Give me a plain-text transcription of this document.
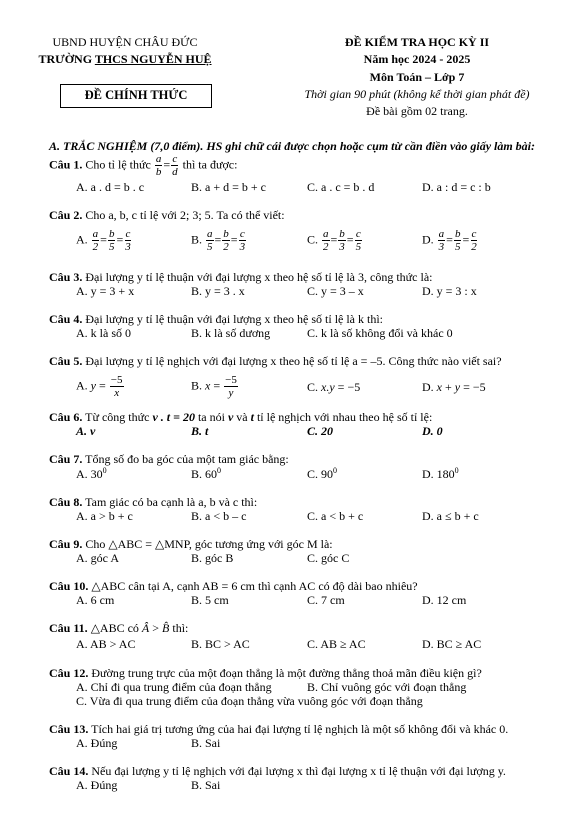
UBND HUYỆN CHÂU ĐỨC
TRƯỜNG THCS NGUYỄN HUỆ
ĐỀ CHÍNH THỨC
ĐỀ KIỂM TRA HỌC KỲ II
Năm học 2024 - 2025
Môn Toán – Lớp 7
Thời gian 90 phút (không kể thời gian phát đề)
Đề bài gồm 02 trang.
A. TRẮC NGHIỆM (7,0 điểm). HS ghi chữ cái được chọn hoặc cụm từ cần điền vào giấy làm bài:
Câu 1. Cho tỉ lệ thức $\frac{a}{b} = \frac{c}{d}$ thì ta được:
A. a . d = b . c	B. a + d = b + c	C. a . c = b . d	D. a : d = c : b
Câu 2. Cho a, b, c tỉ lệ với 2; 3; 5. Ta có thể viết:
A. $\frac{a}{2} = \frac{b}{5} = \frac{c}{3}$	B. $\frac{a}{5} = \frac{b}{2} = \frac{c}{3}$	C. $\frac{a}{2} = \frac{b}{3} = \frac{c}{5}$	D. $\frac{a}{3} = \frac{b}{5} = \frac{c}{2}$
Câu 3. Đại lượng y tỉ lệ thuận với đại lượng x theo hệ số tỉ lệ là 3, công thức là:
A. y = 3 + x	B. y = 3 . x	C. y = 3 – x	D. y = 3 : x
Câu 4. Đại lượng y tỉ lệ thuận với đại lượng x theo hệ số tỉ lệ là k thì:
A. k là số 0	B. k là số dương	C. k là số không đổi và khác 0
Câu 5. Đại lượng y tỉ lệ nghịch với đại lượng x theo hệ số tỉ lệ a = –5. Công thức nào viết sai?
A. $y = \frac{-5}{x}$	B. $x = \frac{-5}{y}$	C. x.y = −5	D. x + y = −5
Câu 6. Từ công thức v . t = 20 ta nói v và t tỉ lệ nghịch với nhau theo hệ số tỉ lệ:
A. v	B. t	C. 20	D. 0
Câu 7. Tổng số đo ba góc của một tam giác bằng:
A. $30^0$	B. $60^0$	C. $90^0$	D. $180^0$
Câu 8. Tam giác có ba cạnh là a, b và c thì:
A. a > b + c	B. a < b – c	C. a < b + c	D. a ≤ b + c
Câu 9. Cho △ABC = △MNP, góc tương ứng với góc M là:
A. góc A	B. góc B	C. góc C
Câu 10. △ABC cân tại A, cạnh AB = 6 cm thì cạnh AC có độ dài bao nhiêu?
A. 6 cm	B. 5 cm	C. 7 cm	D. 12 cm
Câu 11. △ABC có Â > B̂ thì:
A. AB > AC	B. BC > AC	C. AB ≥ AC	D. BC ≥ AC
Câu 12. Đường trung trực của một đoạn thẳng là một đường thẳng thoả mãn điều kiện gì?
A. Chỉ đi qua trung điểm của đoạn thẳng	B. Chỉ vuông góc với đoạn thẳng
C. Vừa đi qua trung điểm của đoạn thẳng vừa vuông góc với đoạn thẳng
Câu 13. Tích hai giá trị tương ứng của hai đại lượng tỉ lệ nghịch là một số không đổi và khác 0.
A. Đúng	B. Sai
Câu 14. Nếu đại lượng y tỉ lệ nghịch với đại lượng x thì đại lượng x tỉ lệ thuận với đại lượng y.
A. Đúng	B. Sai
